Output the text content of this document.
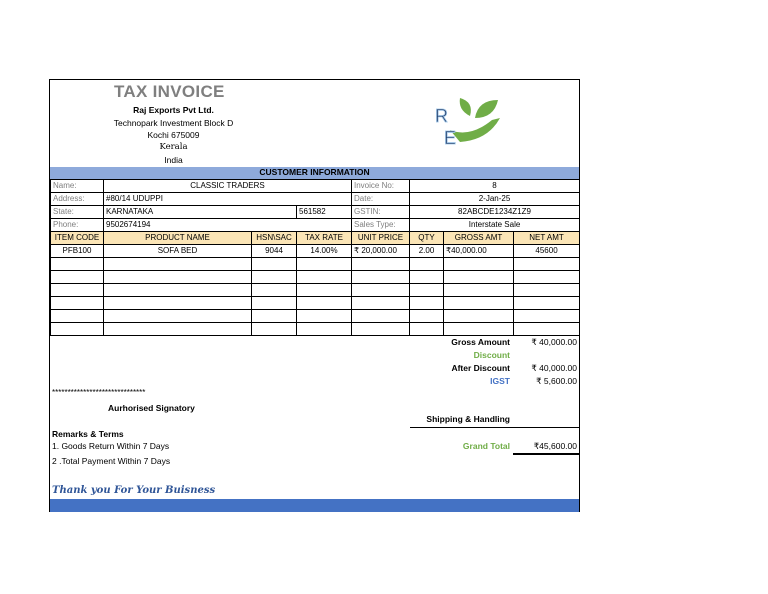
TAX INVOICE
Raj Exports Pvt Ltd.
Technopark Investment Block D
Kochi 675009
Kerala
India
R
E
CUSTOMER INFORMATION
Name:	CLASSIC TRADERS			Invoice No:	8		
Address:	#80/14 UDUPPI			Date:	2-Jan-25		
State:	KARNATAKA		561582	GSTIN:	82ABCDE1234Z1Z9		
Phone:	9502674194			Sales Type:	Interstate Sale		
ITEM CODE	PRODUCT NAME	HSN\SAC	TAX RATE	UNIT PRICE	QTY	GROSS AMT	NET AMT
PFB100	SOFA BED	9044	14.00%	₹ 20,000.00	2.00	₹40,000.00	45600

Gross Amount	₹ 40,000.00
Discount
After Discount	₹ 40,000.00
IGST	₹ 5,600.00
******************************
Aurhorised Signatory
Shipping & Handling
Remarks & Terms
1. Goods Return Within 7 Days
2 .Total Payment Within 7 Days
Grand Total	₹45,600.00
Thank you For Your Buisness
